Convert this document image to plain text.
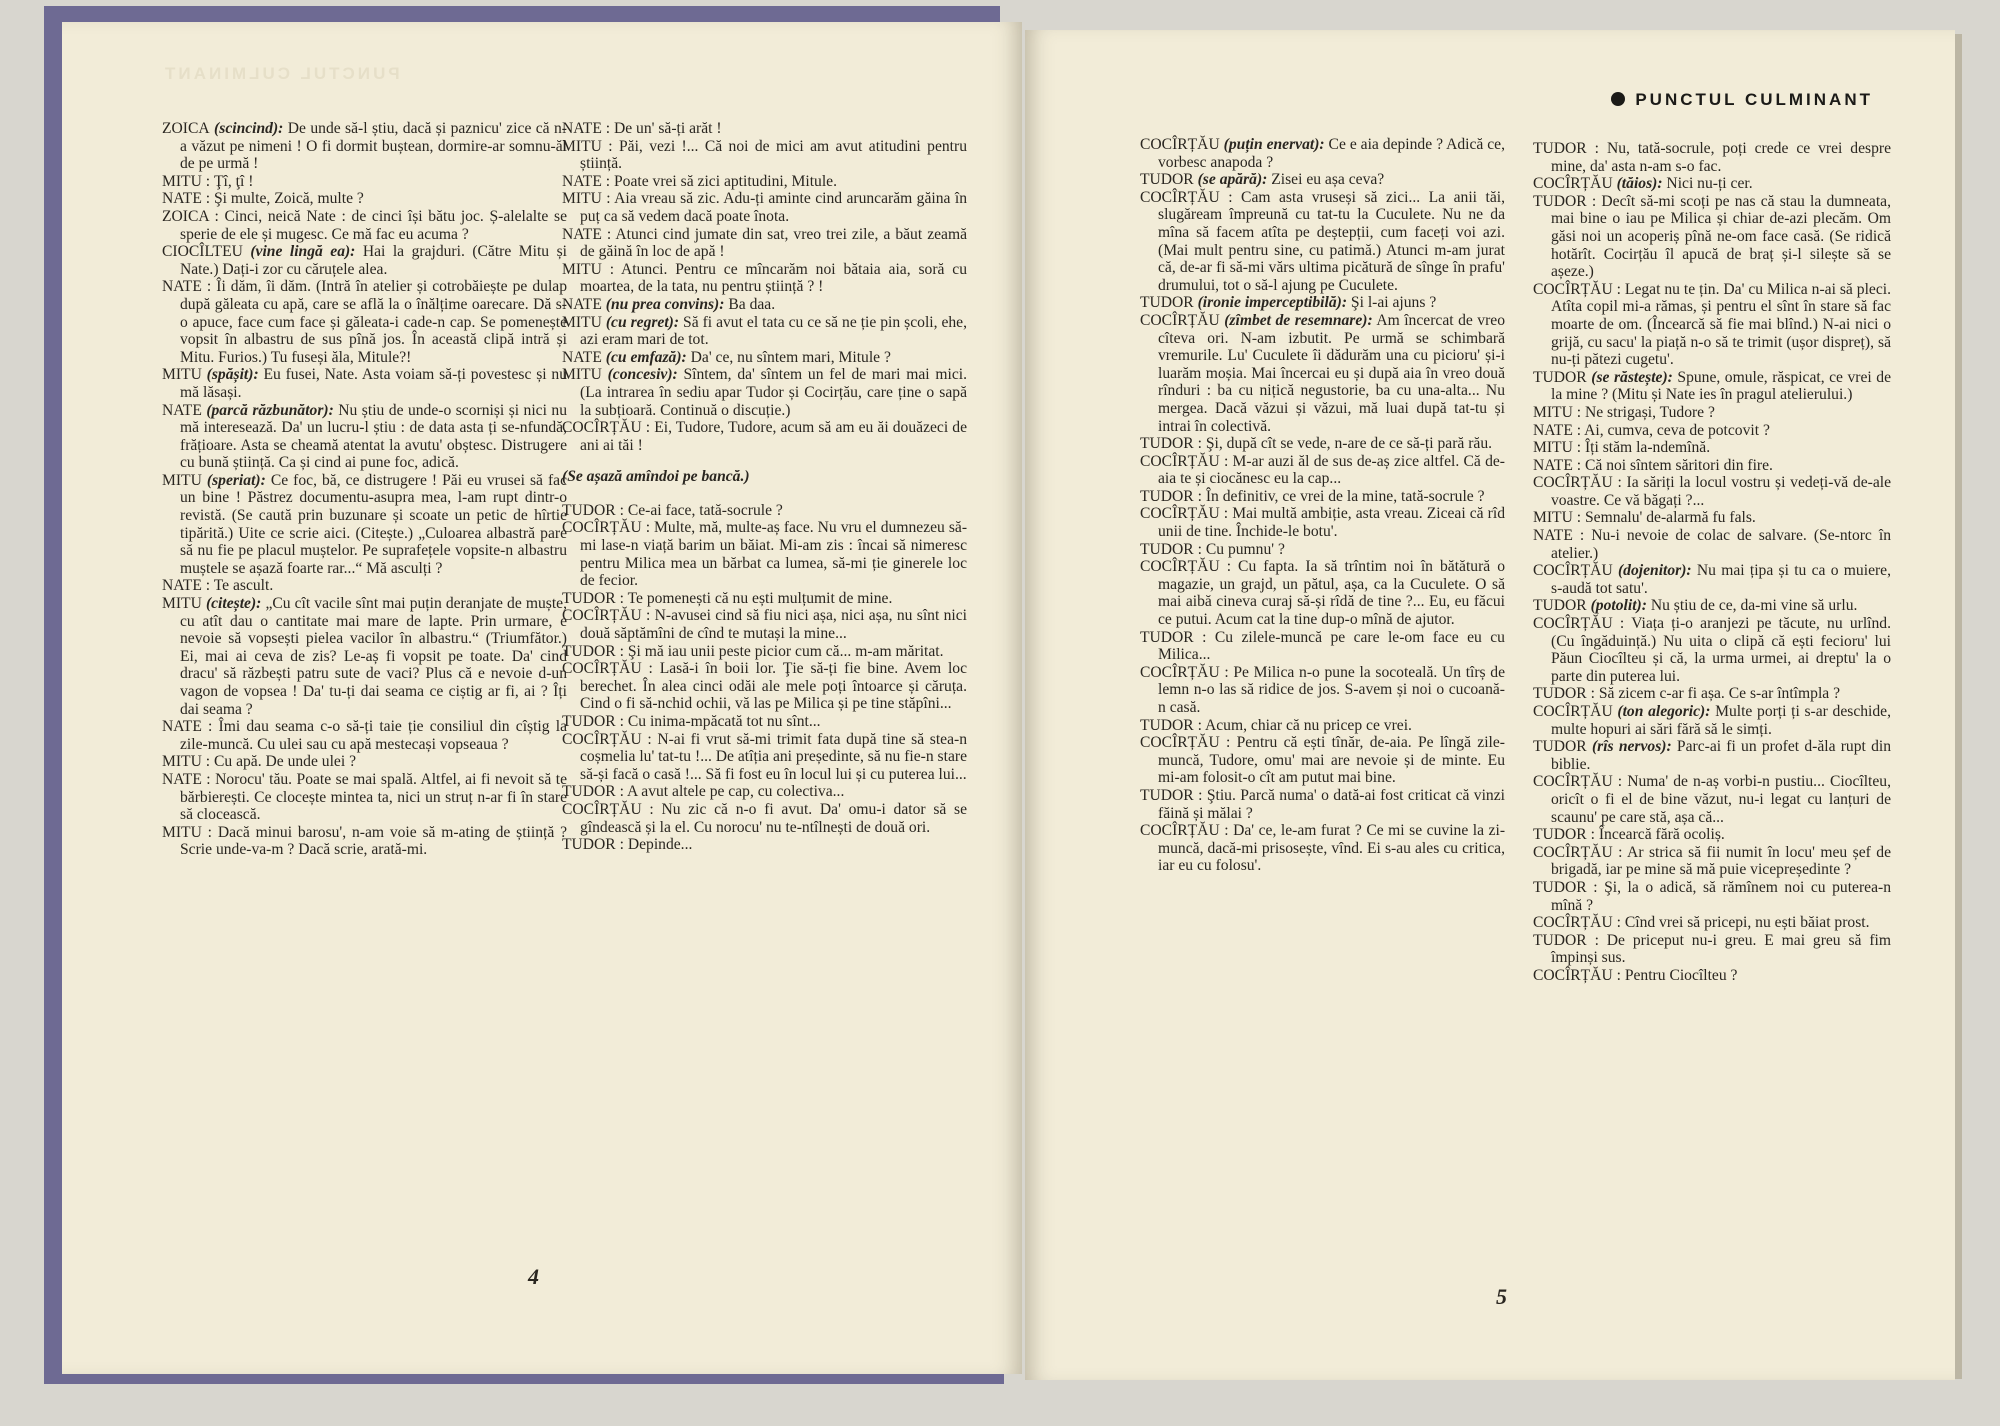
PUNCTUL CULMINANT

ZOICA (scincind): De unde să-l știu, dacă și paznicu' zice că n-a văzut pe nimeni ! O fi dormit buștean, dormire-ar somnu-ăl de pe urmă !

MITU : Ţî, ţî !

NATE : Şi multe, Zoică, multe ?

ZOICA : Cinci, neică Nate : de cinci își bătu joc. Ș-alelalte se sperie de ele și mugesc. Ce mă fac eu acuma ?

CIOCÎLTEU (vine lingă ea): Hai la grajduri. (Către Mitu și Nate.) Dați-i zor cu căruțele alea.

NATE : Îi dăm, îi dăm. (Intră în atelier și cotrobăiește pe dulap după găleata cu apă, care se află la o înălțime oarecare. Dă s-o apuce, face cum face și găleata-i cade-n cap. Se pomenește vopsit în albastru de sus pînă jos. În această clipă intră și Mitu. Furios.) Tu fuseși ăla, Mitule?!

MITU (spășit): Eu fusei, Nate. Asta voiam să-ți povestesc și nu mă lăsași.

NATE (parcă răzbunător): Nu știu de unde-o scorniși și nici nu mă interesează. Da' un lucru-l știu : de data asta ți se-nfundă, frățioare. Asta se cheamă atentat la avutu' obștesc. Distrugere cu bună știință. Ca și cind ai pune foc, adică.

MITU (speriat): Ce foc, bă, ce distrugere ! Păi eu vrusei să fac un bine ! Păstrez documentu-asupra mea, l-am rupt dintr-o revistă. (Se caută prin buzunare și scoate un petic de hîrtie tipărită.) Uite ce scrie aici. (Citește.) „Culoarea albastră pare să nu fie pe placul muștelor. Pe suprafețele vopsite-n albastru muștele se așază foarte rar...“ Mă asculți ?

NATE : Te ascult.

MITU (citește): „Cu cît vacile sînt mai puțin deranjate de muște, cu atît dau o cantitate mai mare de lapte. Prin urmare, e nevoie să vopsești pielea vacilor în albastru.“ (Triumfător.) Ei, mai ai ceva de zis? Le-aș fi vopsit pe toate. Da' cind dracu' să răzbești patru sute de vaci? Plus că e nevoie d-un vagon de vopsea ! Da' tu-ți dai seama ce ciștig ar fi, ai ? Îți dai seama ?

NATE : Îmi dau seama c-o să-ți taie ție consiliul din cîștig la zile-muncă. Cu ulei sau cu apă mestecași vopseaua ?

MITU : Cu apă. De unde ulei ?

NATE : Norocu' tău. Poate se mai spală. Altfel, ai fi nevoit să te bărbierești. Ce clocește mintea ta, nici un struț n-ar fi în stare să clocească.

MITU : Dacă minui barosu', n-am voie să m-ating de știință ? Scrie unde-va-m ? Dacă scrie, arată-mi.

NATE : De un' să-ți arăt !

MITU : Păi, vezi !... Că noi de mici am avut atitudini pentru știință.

NATE : Poate vrei să zici aptitudini, Mitule.

MITU : Aia vreau să zic. Adu-ți aminte cind aruncarăm găina în puț ca să vedem dacă poate înota.

NATE : Atunci cind jumate din sat, vreo trei zile, a băut zeamă de găină în loc de apă !

MITU : Atunci. Pentru ce mîncarăm noi bătaia aia, soră cu moartea, de la tata, nu pentru știință ? !

NATE (nu prea convins): Ba daa.

MITU (cu regret): Să fi avut el tata cu ce să ne ție pin școli, ehe, azi eram mari de tot.

NATE (cu emfază): Da' ce, nu sîntem mari, Mitule ?

MITU (concesiv): Sîntem, da' sîntem un fel de mari mai mici. (La intrarea în sediu apar Tudor și Cocirțău, care ține o sapă la subțioară. Continuă o discuție.)

COCÎRȚĂU : Ei, Tudore, Tudore, acum să am eu ăi douăzeci de ani ai tăi !

(Se așază amîndoi pe bancă.)

TUDOR : Ce-ai face, tată-socrule ?

COCÎRȚĂU : Multe, mă, multe-aș face. Nu vru el dumnezeu să-mi lase-n viață barim un băiat. Mi-am zis : încai să nimeresc pentru Milica mea un bărbat ca lumea, să-mi ție ginerele loc de fecior.

TUDOR : Te pomenești că nu ești mulțumit de mine.

COCÎRȚĂU : N-avusei cind să fiu nici așa, nici așa, nu sînt nici două săptămîni de cînd te mutași la mine...

TUDOR : Şi mă iau unii peste picior cum că... m-am măritat.

COCÎRȚĂU : Lasă-i în boii lor. Ţie să-ți fie bine. Avem loc berechet. În alea cinci odăi ale mele poți întoarce și căruța. Cind o fi să-nchid ochii, vă las pe Milica și pe tine stăpîni...

TUDOR : Cu inima-mpăcată tot nu sînt...

COCÎRȚĂU : N-ai fi vrut să-mi trimit fata după tine să stea-n coșmelia lu' tat-tu !... De atîția ani președinte, să nu fie-n stare să-și facă o casă !... Să fi fost eu în locul lui și cu puterea lui...

TUDOR : A avut altele pe cap, cu colectiva...

COCÎRȚĂU : Nu zic că n-o fi avut. Da' omu-i dator să se gîndească și la el. Cu norocu' nu te-ntîlnești de două ori.

TUDOR : Depinde...

4
PUNCTUL CULMINANT

COCÎRȚĂU (puțin enervat): Ce e aia depinde ? Adică ce, vorbesc anapoda ?

TUDOR (se apără): Zisei eu așa ceva?

COCÎRȚĂU : Cam asta vruseși să zici... La anii tăi, slugăream împreună cu tat-tu la Cuculete. Nu ne da mîna să facem atîta pe deștepții, cum faceți voi azi. (Mai mult pentru sine, cu patimă.) Atunci m-am jurat că, de-ar fi să-mi vărs ultima picătură de sînge în prafu' drumului, tot o să-l ajung pe Cuculete.

TUDOR (ironie imperceptibilă): Şi l-ai ajuns ?

COCÎRȚĂU (zîmbet de resemnare): Am încercat de vreo cîteva ori. N-am izbutit. Pe urmă se schimbară vremurile. Lu' Cuculete îi dădurăm una cu picioru' și-i luarăm moșia. Mai încercai eu și după aia în vreo două rînduri : ba cu nițică negustorie, ba cu una-alta... Nu mergea. Dacă văzui și văzui, mă luai după tat-tu și intrai în colectivă.

TUDOR : Şi, după cît se vede, n-are de ce să-ți pară rău.

COCÎRȚĂU : M-ar auzi ăl de sus de-aș zice altfel. Că de-aia te și ciocănesc eu la cap...

TUDOR : În definitiv, ce vrei de la mine, tată-socrule ?

COCÎRȚĂU : Mai multă ambiție, asta vreau. Ziceai că rîd unii de tine. Închide-le botu'.

TUDOR : Cu pumnu' ?

COCÎRȚĂU : Cu fapta. Ia să trîntim noi în bătătură o magazie, un grajd, un pătul, așa, ca la Cuculete. O să mai aibă cineva curaj să-și rîdă de tine ?... Eu, eu făcui ce putui. Acum cat la tine dup-o mînă de ajutor.

TUDOR : Cu zilele-muncă pe care le-om face eu cu Milica...

COCÎRȚĂU : Pe Milica n-o pune la socoteală. Un tîrș de lemn n-o las să ridice de jos. S-avem și noi o cucoană-n casă.

TUDOR : Acum, chiar că nu pricep ce vrei.

COCÎRȚĂU : Pentru că ești tînăr, de-aia. Pe lîngă zile-muncă, Tudore, omu' mai are nevoie și de minte. Eu mi-am folosit-o cît am putut mai bine.

TUDOR : Ştiu. Parcă numa' o dată-ai fost criticat că vinzi făină și mălai ?

COCÎRȚĂU : Da' ce, le-am furat ? Ce mi se cuvine la zi-muncă, dacă-mi prisosește, vînd. Ei s-au ales cu critica, iar eu cu folosu'.

TUDOR : Nu, tată-socrule, poți crede ce vrei despre mine, da' asta n-am s-o fac.

COCÎRȚĂU (tăios): Nici nu-ți cer.

TUDOR : Decît să-mi scoți pe nas că stau la dumneata, mai bine o iau pe Milica și chiar de-azi plecăm. Om găsi noi un acoperiș pînă ne-om face casă. (Se ridică hotărît. Cocirțău îl apucă de braț și-l silește să se așeze.)

COCÎRȚĂU : Legat nu te țin. Da' cu Milica n-ai să pleci. Atîta copil mi-a rămas, și pentru el sînt în stare să fac moarte de om. (Încearcă să fie mai blînd.) N-ai nici o grijă, cu sacu' la piață n-o să te trimit (ușor dispreț), să nu-ți pătezi cugetu'.

TUDOR (se răstește): Spune, omule, răspicat, ce vrei de la mine ? (Mitu și Nate ies în pragul atelierului.)

MITU : Ne strigași, Tudore ?

NATE : Ai, cumva, ceva de potcovit ?

MITU : Îți stăm la-ndemînă.

NATE : Că noi sîntem săritori din fire.

COCÎRȚĂU : Ia săriți la locul vostru și vedeți-vă de-ale voastre. Ce vă băgați ?...

MITU : Semnalu' de-alarmă fu fals.

NATE : Nu-i nevoie de colac de salvare. (Se-ntorc în atelier.)

COCÎRȚĂU (dojenitor): Nu mai țipa și tu ca o muiere, s-audă tot satu'.

TUDOR (potolit): Nu știu de ce, da-mi vine să urlu.

COCÎRȚĂU : Viața ți-o aranjezi pe tăcute, nu urlînd. (Cu îngăduință.) Nu uita o clipă că ești fecioru' lui Păun Ciocîlteu și că, la urma urmei, ai dreptu' la o parte din puterea lui.

TUDOR : Să zicem c-ar fi așa. Ce s-ar întîmpla ?

COCÎRȚĂU (ton alegoric): Multe porți ți s-ar deschide, multe hopuri ai sări fără să le simți.

TUDOR (rîs nervos): Parc-ai fi un profet d-ăla rupt din biblie.

COCÎRȚĂU : Numa' de n-aș vorbi-n pustiu... Ciocîlteu, oricît o fi el de bine văzut, nu-i legat cu lanțuri de scaunu' pe care stă, așa că...

TUDOR : Încearcă fără ocoliș.

COCÎRȚĂU : Ar strica să fii numit în locu' meu șef de brigadă, iar pe mine să mă puie vicepreședinte ?

TUDOR : Şi, la o adică, să rămînem noi cu puterea-n mînă ?

COCÎRȚĂU : Cînd vrei să pricepi, nu ești băiat prost.

TUDOR : De priceput nu-i greu. E mai greu să fim împinși sus.

COCÎRȚĂU : Pentru Ciocîlteu ?

5
